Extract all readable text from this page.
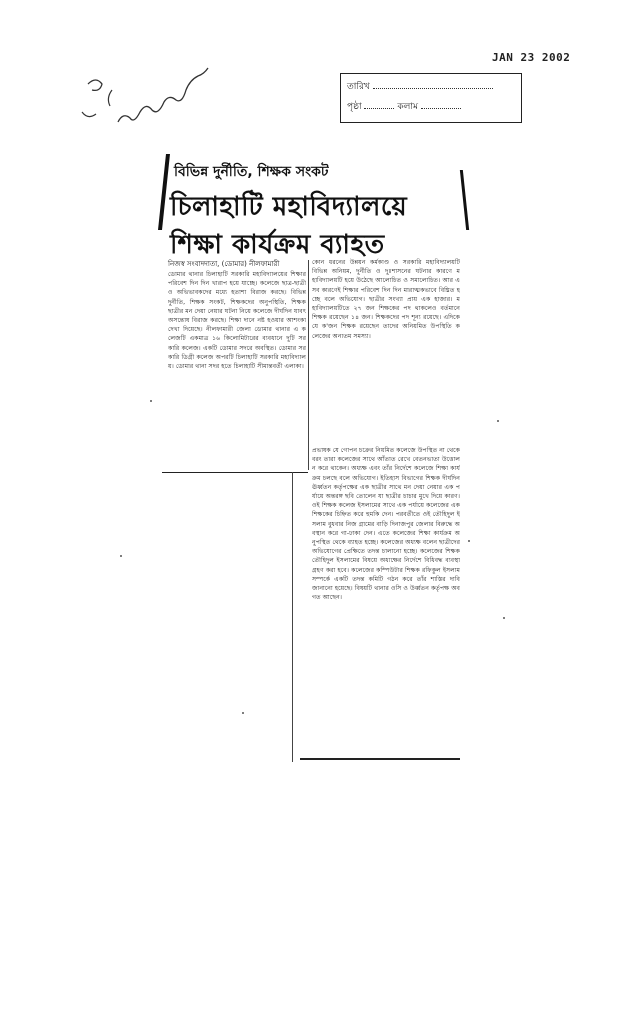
JAN 23 2002
তারিখ
পৃষ্ঠা	কলাম
বিভিন্ন দুর্নীতি, শিক্ষক সংকট
চিলাহাটি মহাবিদ্যালয়ে
শিক্ষা কার্যক্রম ব্যাহত
নিজস্ব সংবাদদাতা, (ডোমার) নীলফামারী
ডোমার থানার চিলাহাটি সরকারি মহাবিদ্যালয়ের শিক্ষার পরিবেশ দিন দিন খারাপ হয়ে যাচ্ছে। কলেজে ছাত্র-ছাত্রী ও অভিভাবকদের মধ্যে হতাশা বিরাজ করছে। বিভিন্ন দুর্নীতি, শিক্ষক সংকট, শিক্ষকদের অনুপস্থিতি, শিক্ষক ছাত্রীর মন দেয়া নেয়ার ঘটনা নিয়ে কলেজে দীর্ঘদিন যাবৎ অসন্তোষ বিরাজ করছে। শিক্ষা দানে নষ্ট হওয়ার আশংকা দেখা দিয়েছে। নীলফামারী জেলা ডোমার থানার এ কলেজটি একমাত্র ১৬ কিলোমিটারের ব্যবধানে দুটি সরকারি কলেজ। একটি ডোমার সদরে অবস্থিত। ডোমার সরকারি ডিগ্রী কলেজ অপরটি চিলাহাটি সরকারি মহাবিদ্যালয়। ডোমার থানা সদর হতে চিলাহাটি সীমান্তবর্তী এলাকা।
কোন ধরনের উন্নয়ন কর্মকাণ্ড ও সরকারি মহাবিদ্যালয়টি বিভিন্ন অনিয়ম, দুর্নীতি ও দুঃশাসনের ঘটনার কারণে মহাবিদ্যালয়টি হয়ে উঠেছে আলোচিত ও সমালোচিত। আর এসব কারণেই শিক্ষার পরিবেশ দিন দিন মারাত্মকভাবে বিঘ্নিত হচ্ছে বলে অভিযোগ। ছাত্রীর সংখ্যা প্রায় এক হাজার। মহাবিদ্যালয়টিতে ২৭ জন শিক্ষকের পদ থাকলেও বর্তমানে শিক্ষক রয়েছেন ১৪ জন। শিক্ষকদের পদ শূন্য রয়েছে। এদিকে যে ক'জন শিক্ষক রয়েছেন তাদের অনিয়মিত উপস্থিতি কলেজের অন্যতম সমস্যা।
প্রভাষক যে গোপন চক্রের নিয়মিত কলেজে উপস্থিত না থেকে বরং তারা কলেজের সাথে আঁতাত রেখে বেতনভাতা উত্তোলন করে থাকেন। অধ্যক্ষ এবং তাঁর নির্দেশে কলেজে শিক্ষা কার্যক্রম চলছে বলে অভিযোগ। ইতিহাস বিভাগের শিক্ষক দীর্ঘদিন ঊর্ধ্বতন কর্তৃপক্ষের এক ছাত্রীর সাথে মন দেয়া নেয়ার এক পর্যায়ে অন্তরঙ্গ ছবি তোলেন যা ছাত্রীর চাচার মুখে দিয়ে কারণ। ওই শিক্ষক কলেজ ইসলামের সাথে এক পর্যায়ে কলেজের এক শিক্ষকের চিহ্নিত করে হুমকি দেন। পরবর্তীতে ওই তৌহিদুল ইসলাম বুধবার নিজ গ্রামের বাড়ি দিনাজপুর জেলার বিরুদ্ধে অবস্থান করে গা-ঢাকা দেন। এতে কলেজের শিক্ষা কার্যক্রম অনুপস্থিত থেকে ব্যাহত হচ্ছে। কলেজের অধ্যক্ষ বলেন ছাত্রীদের অভিযোগের প্রেক্ষিতে তদন্ত চালানো হচ্ছে। কলেজের শিক্ষক তৌহিদুল ইসলামের বিষয়ে অধ্যক্ষের নির্দেশে বিধিবদ্ধ ব্যবস্থা গ্রহণ করা হবে। কলেজের কম্পিউটার শিক্ষক রফিকুল ইসলাম সম্পর্কে একটি তদন্ত কমিটি গঠন করে তাঁর শাস্তির দাবি জানানো হয়েছে। বিষয়টি থানার ওসি ও উর্ধ্বতন কর্তৃপক্ষ অবগত আছেন।
